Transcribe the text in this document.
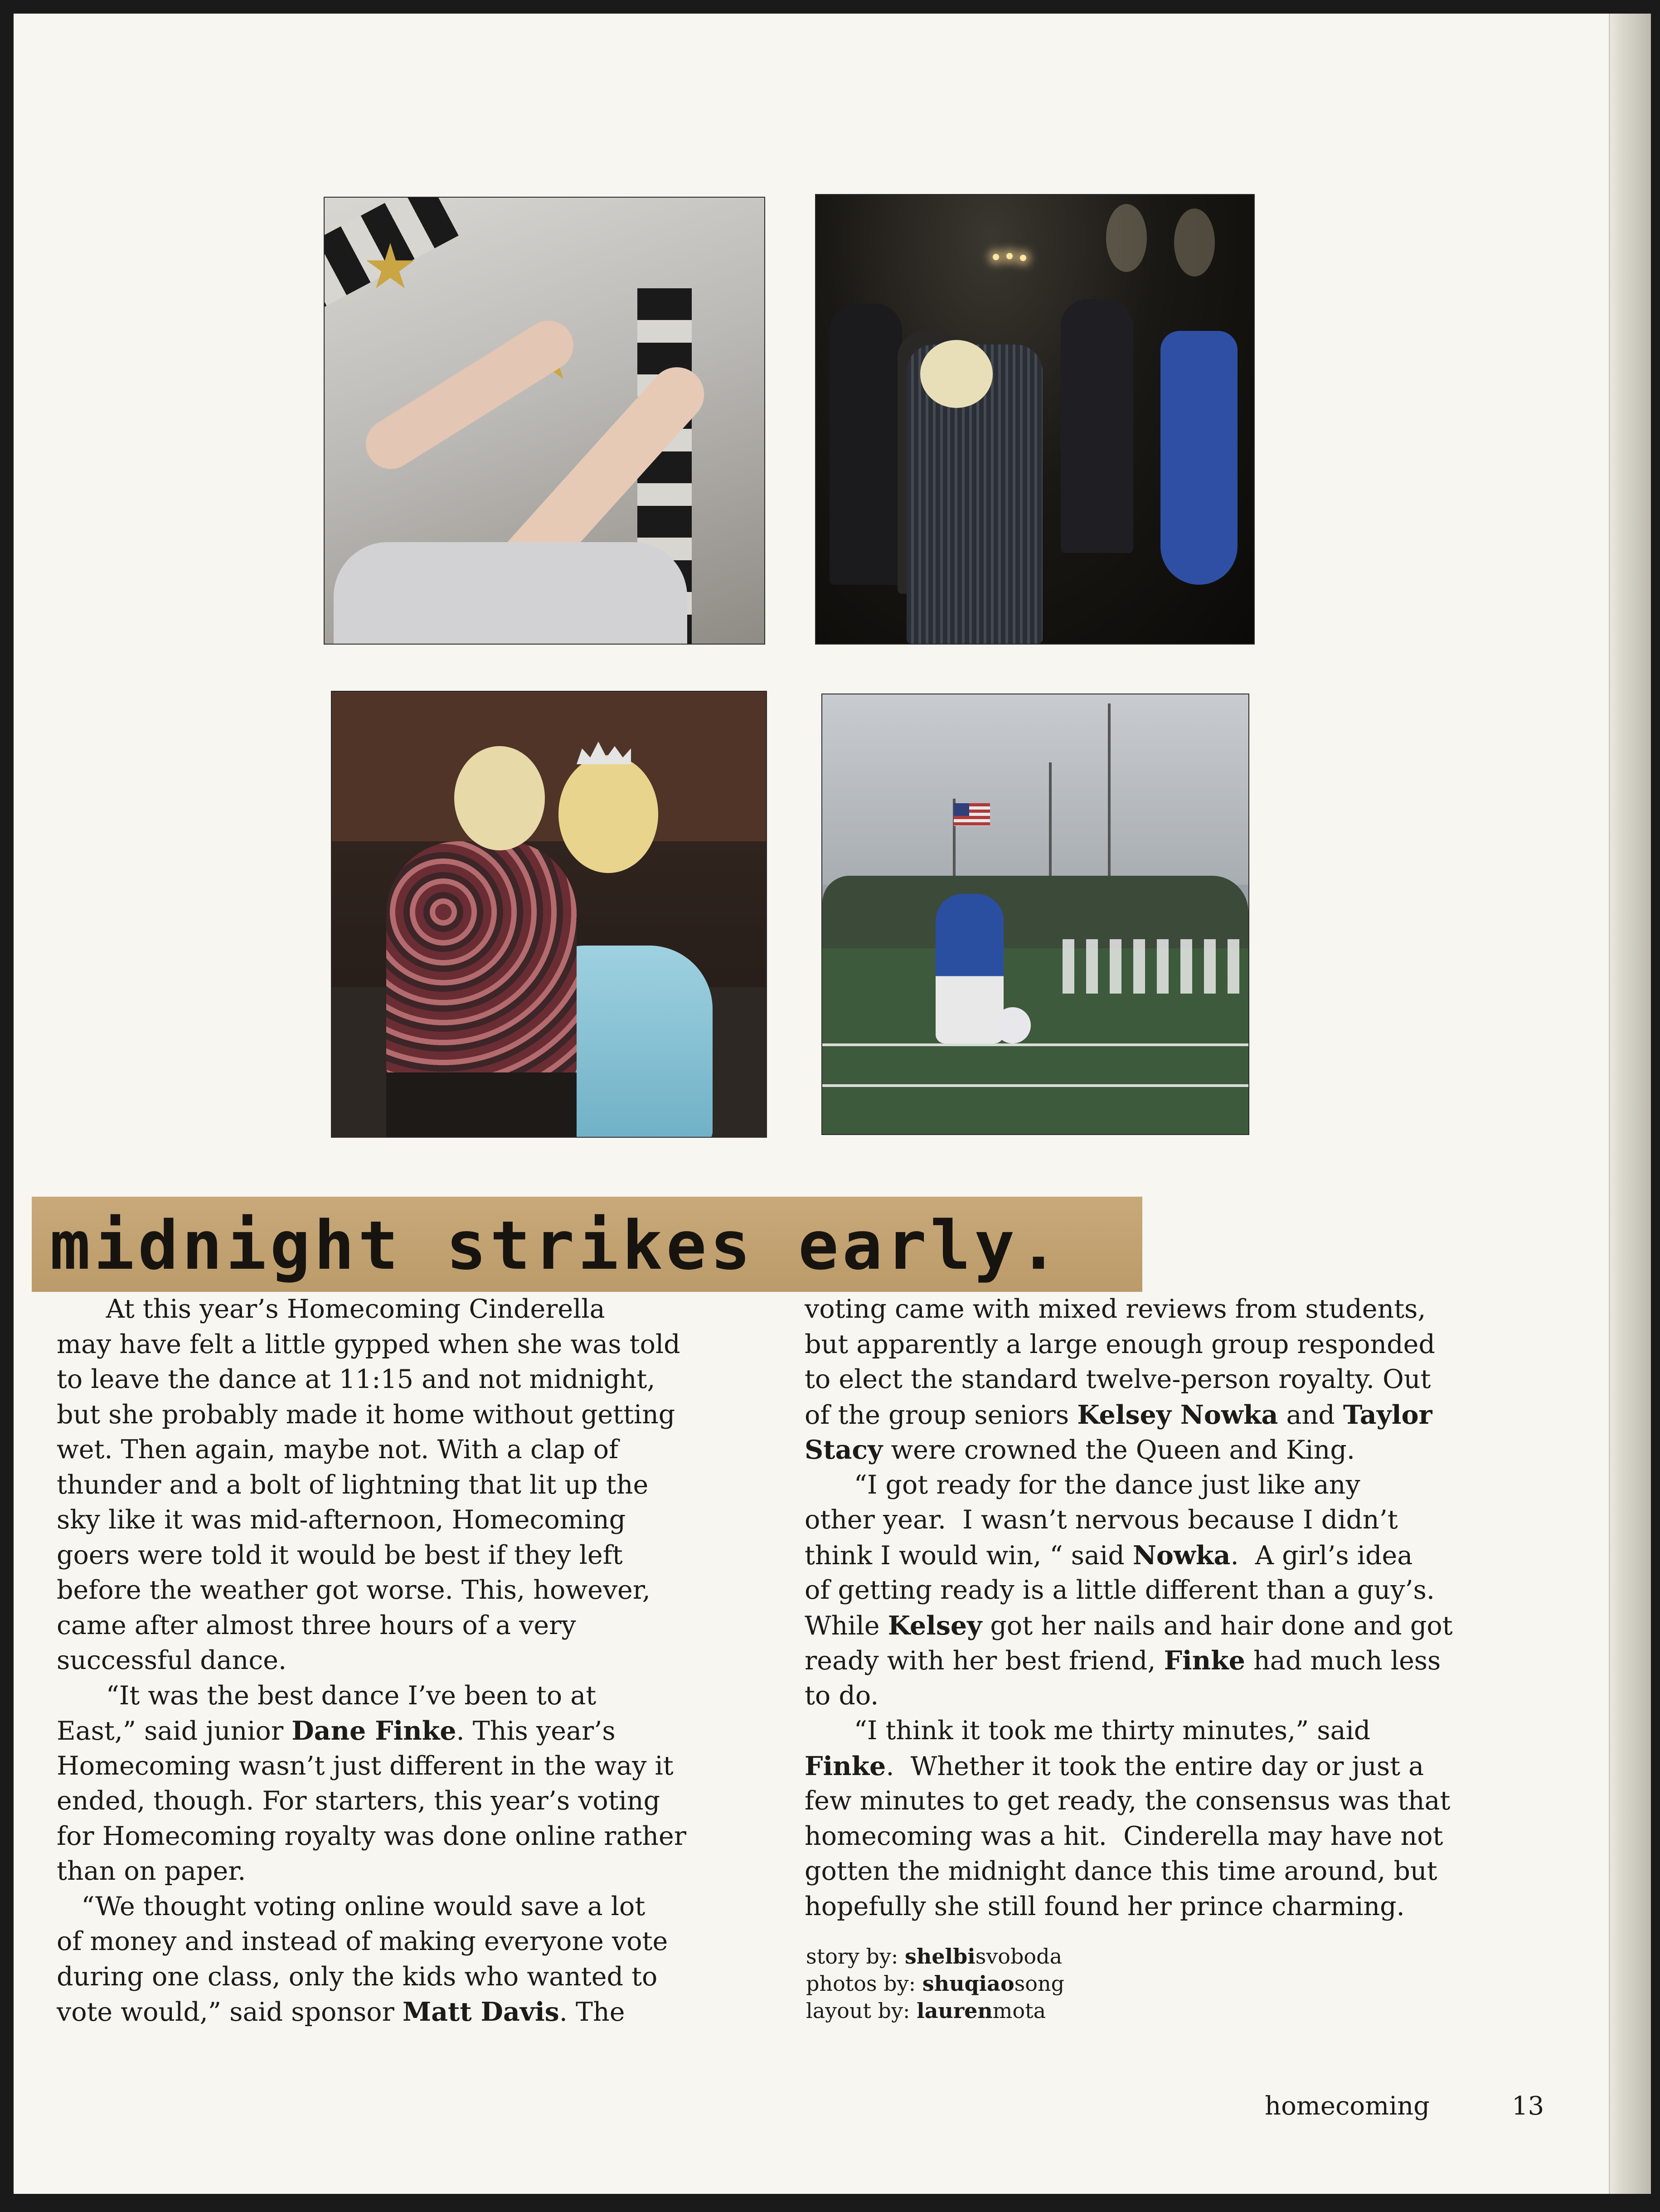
midnight strikes early.
At this year’s Homecoming Cinderella
may have felt a little gypped when she was told
to leave the dance at 11:15 and not midnight,
but she probably made it home without getting
wet. Then again, maybe not. With a clap of
thunder and a bolt of lightning that lit up the
sky like it was mid-afternoon, Homecoming
goers were told it would be best if they left
before the weather got worse. This, however,
came after almost three hours of a very
successful dance.
“It was the best dance I’ve been to at
East,” said junior Dane Finke. This year’s
Homecoming wasn’t just different in the way it
ended, though. For starters, this year’s voting
for Homecoming royalty was done online rather
than on paper.
“We thought voting online would save a lot
of money and instead of making everyone vote
during one class, only the kids who wanted to
vote would,” said sponsor Matt Davis. The
voting came with mixed reviews from students,
but apparently a large enough group responded
to elect the standard twelve-person royalty. Out
of the group seniors Kelsey Nowka and Taylor
Stacy were crowned the Queen and King.
“I got ready for the dance just like any
other year.  I wasn’t nervous because I didn’t
think I would win, “ said Nowka.  A girl’s idea
of getting ready is a little different than a guy’s.
While Kelsey got her nails and hair done and got
ready with her best friend, Finke had much less
to do.
“I think it took me thirty minutes,” said
Finke.  Whether it took the entire day or just a
few minutes to get ready, the consensus was that
homecoming was a hit.  Cinderella may have not
gotten the midnight dance this time around, but
hopefully she still found her prince charming.
story by: shelbisvoboda
photos by: shuqiaosong
layout by: laurenmota
homecoming	13
